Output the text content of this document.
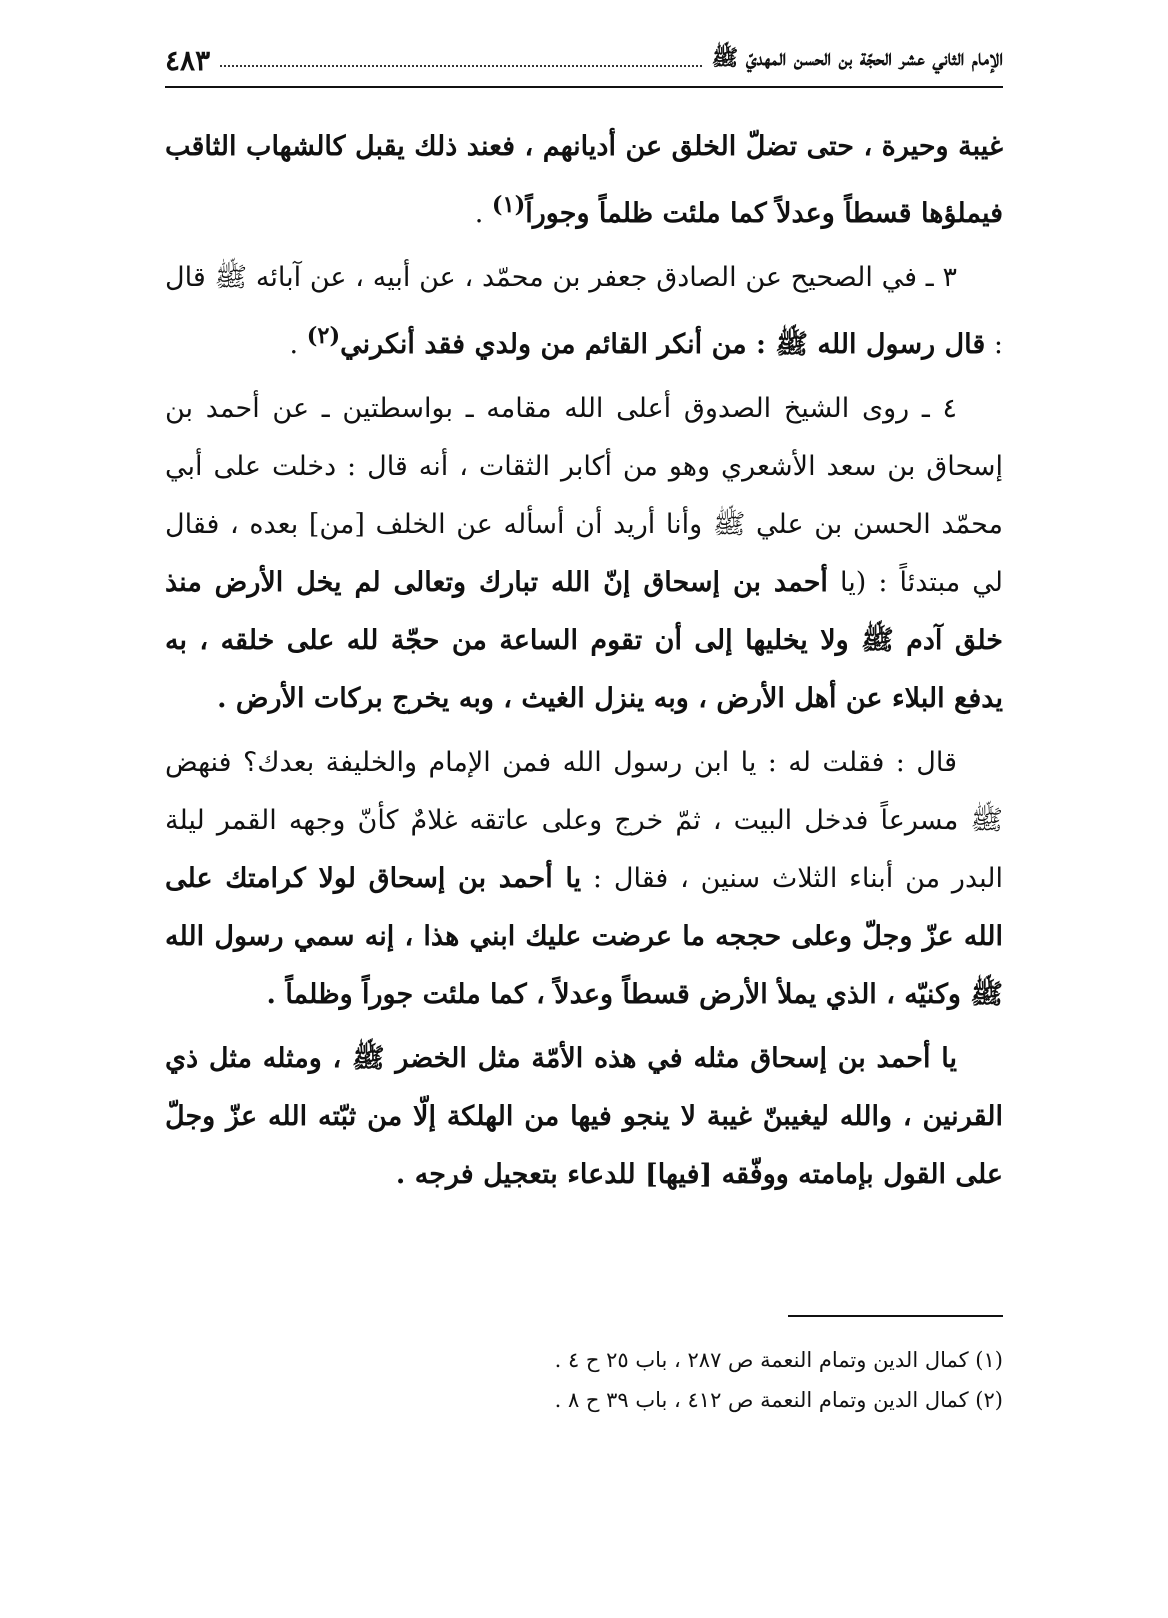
الإمام الثاني عشر الحجّة بن الحسن المهديّ ﷺ
٤٨٣

غيبة وحيرة ، حتى تضلّ الخلق عن أديانهم ، فعند ذلك يقبل كالشهاب الثاقب فيملؤها قسطاً وعدلاً كما ملئت ظلماً وجوراً$^{(١)}$ .

٣ ـ في الصحيح عن الصادق جعفر بن محمّد ، عن أبيه ، عن آبائه ﷺ قال : قال رسول الله ﷺ : من أنكر القائم من ولدي فقد أنكرني$^{(٢)}$ .

٤ ـ روى الشيخ الصدوق أعلى الله مقامه ـ بواسطتين ـ عن أحمد بن إسحاق بن سعد الأشعري وهو من أكابر الثقات ، أنه قال : دخلت على أبي محمّد الحسن بن علي ﷺ وأنا أريد أن أسأله عن الخلف [من] بعده ، فقال لي مبتدئاً : (يا أحمد بن إسحاق إنّ الله تبارك وتعالى لم يخل الأرض منذ خلق آدم ﷺ ولا يخليها إلى أن تقوم الساعة من حجّة لله على خلقه ، به يدفع البلاء عن أهل الأرض ، وبه ينزل الغيث ، وبه يخرج بركات الأرض .

قال : فقلت له : يا ابن رسول الله فمن الإمام والخليفة بعدك؟ فنهض ﷺ مسرعاً فدخل البيت ، ثمّ خرج وعلى عاتقه غلامٌ كأنّ وجهه القمر ليلة البدر من أبناء الثلاث سنين ، فقال : يا أحمد بن إسحاق لولا كرامتك على الله عزّ وجلّ وعلى حججه ما عرضت عليك ابني هذا ، إنه سمي رسول الله ﷺ وكنيّه ، الذي يملأ الأرض قسطاً وعدلاً ، كما ملئت جوراً وظلماً .

يا أحمد بن إسحاق مثله في هذه الأمّة مثل الخضر ﷺ ، ومثله مثل ذي القرنين ، والله ليغيبنّ غيبة لا ينجو فيها من الهلكة إلّا من ثبّته الله عزّ وجلّ على القول بإمامته ووفّقه [فيها] للدعاء بتعجيل فرجه .

(١) كمال الدين وتمام النعمة ص ٢٨٧ ، باب ٢٥ ح ٤ .
(٢) كمال الدين وتمام النعمة ص ٤١٢ ، باب ٣٩ ح ٨ .
